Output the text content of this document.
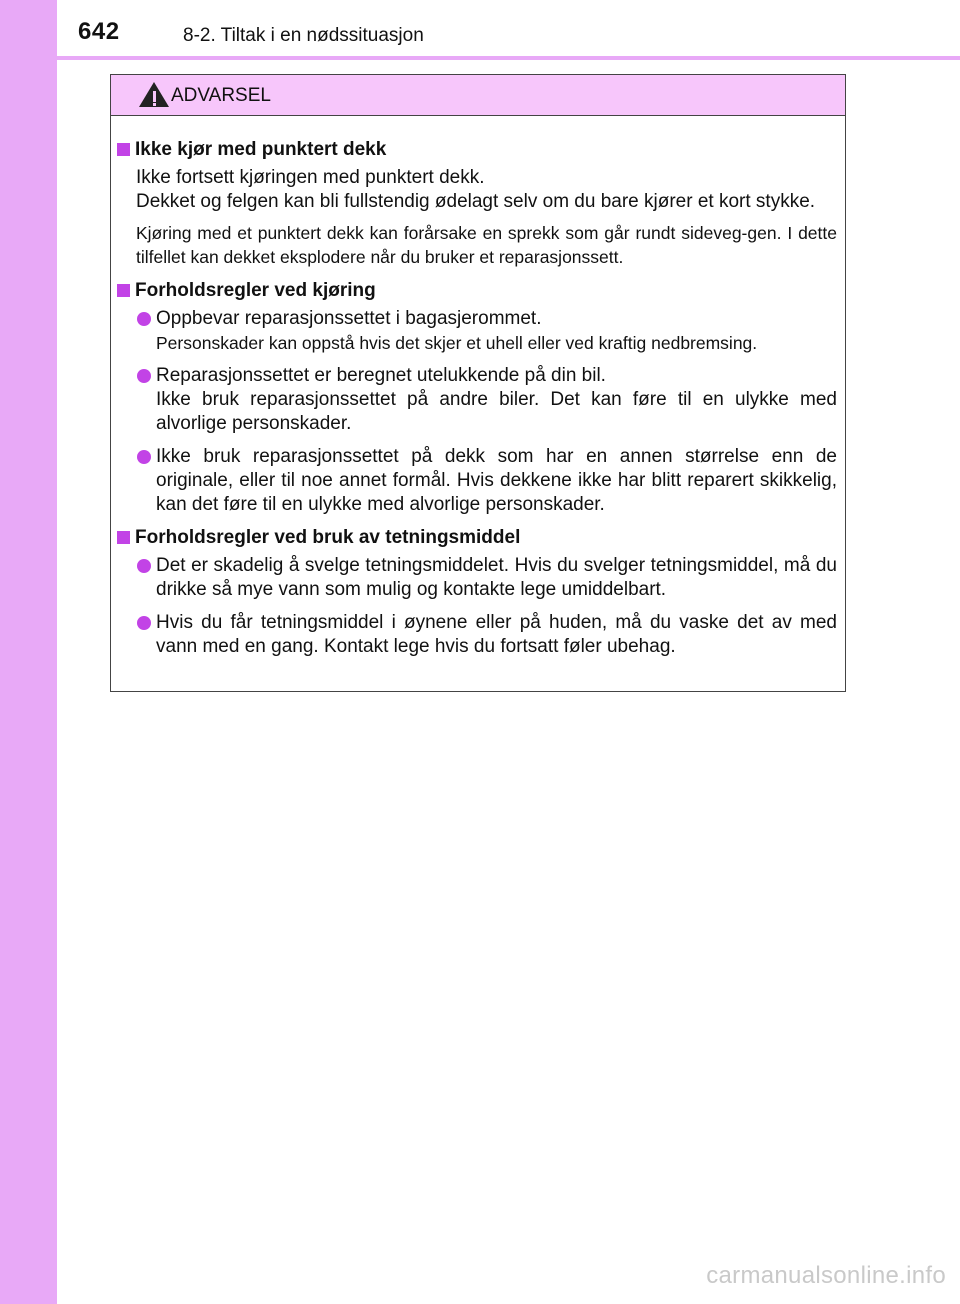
642	8-2. Tiltak i en nødssituasjon
ADVARSEL
Ikke kjør med punktert dekk

Ikke fortsett kjøringen med punktert dekk.
Dekket og felgen kan bli fullstendig ødelagt selv om du bare kjører et kort stykke.

Kjøring med et punktert dekk kan forårsake en sprekk som går rundt sideveg-gen. I dette tilfellet kan dekket eksplodere når du bruker et reparasjonssett.

Forholdsregler ved kjøring
Oppbevar reparasjonssettet i bagasjerommet.
Personskader kan oppstå hvis det skjer et uhell eller ved kraftig nedbremsing.
Reparasjonssettet er beregnet utelukkende på din bil.
Ikke bruk reparasjonssettet på andre biler. Det kan føre til en ulykke med alvorlige personskader.
Ikke bruk reparasjonssettet på dekk som har en annen størrelse enn de originale, eller til noe annet formål. Hvis dekkene ikke har blitt reparert skikkelig, kan det føre til en ulykke med alvorlige personskader.
Forholdsregler ved bruk av tetningsmiddel
Det er skadelig å svelge tetningsmiddelet. Hvis du svelger tetningsmiddel, må du drikke så mye vann som mulig og kontakte lege umiddelbart.
Hvis du får tetningsmiddel i øynene eller på huden, må du vaske det av med vann med en gang. Kontakt lege hvis du fortsatt føler ubehag.
carmanualsonline.info
